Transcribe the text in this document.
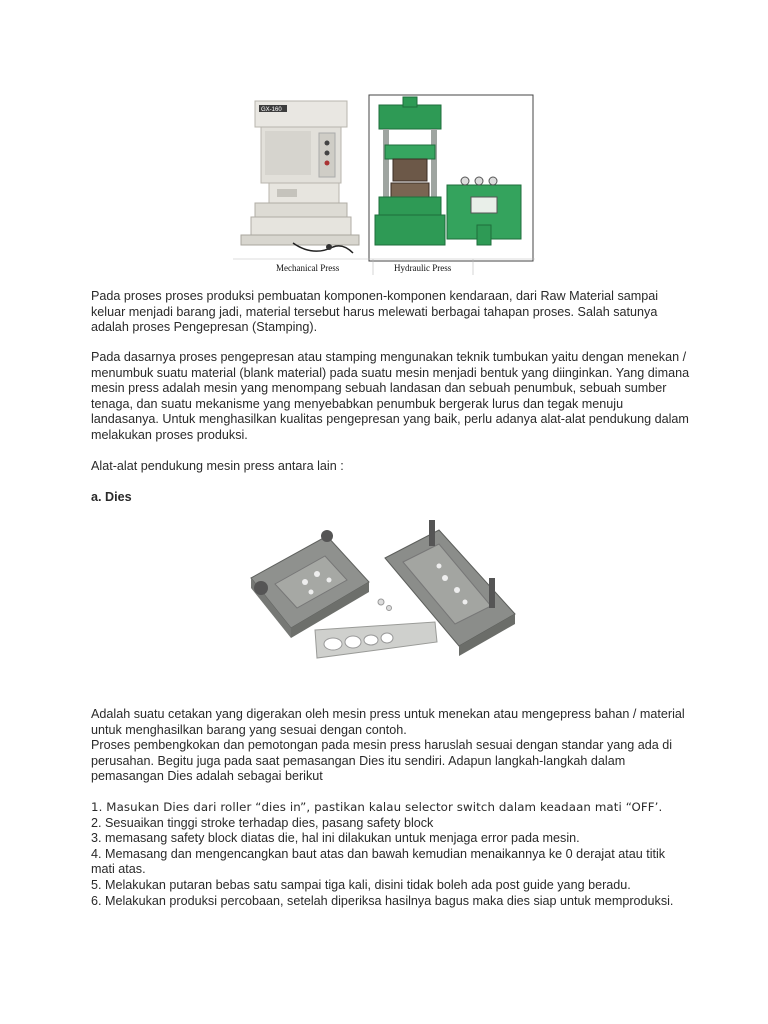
GX-160
Mechanical Press	Hydraulic Press

Pada proses proses produksi pembuatan komponen-komponen kendaraan, dari Raw Material sampai keluar menjadi barang jadi, material tersebut harus melewati berbagai tahapan proses. Salah satunya adalah proses Pengepresan (Stamping).

Pada dasarnya proses pengepresan atau stamping mengunakan teknik tumbukan yaitu dengan menekan / menumbuk suatu material (blank material) pada suatu mesin menjadi bentuk yang diinginkan. Yang dimana mesin press adalah mesin yang menompang sebuah landasan dan sebuah penumbuk, sebuah sumber tenaga, dan suatu mekanisme yang menyebabkan penumbuk bergerak lurus dan tegak menuju landasanya. Untuk menghasilkan kualitas pengepresan yang baik, perlu adanya alat-alat pendukung dalam melakukan proses produksi.

Alat-alat pendukung mesin press antara lain :

a. Dies

Adalah suatu cetakan yang digerakan oleh mesin press untuk menekan atau mengepress bahan / material untuk menghasilkan barang yang sesuai dengan contoh.

Proses pembengkokan dan pemotongan pada mesin press haruslah sesuai dengan standar yang ada di perusahan. Begitu juga pada saat pemasangan Dies itu sendiri. Adapun langkah-langkah dalam pemasangan Dies adalah sebagai berikut

1. Masukan Dies dari roller “dies in”, pastikan kalau selector switch dalam keadaan mati “OFF’.
2. Sesuaikan tinggi stroke terhadap dies, pasang safety block
3. memasang safety block diatas die, hal ini dilakukan untuk menjaga error pada mesin.
4. Memasang dan mengencangkan baut atas dan bawah kemudian menaikannya ke 0 derajat atau titik mati atas.
5. Melakukan putaran bebas satu sampai tiga kali, disini tidak boleh ada post guide yang beradu.
6. Melakukan produksi percobaan, setelah diperiksa hasilnya bagus maka dies siap untuk memproduksi.
